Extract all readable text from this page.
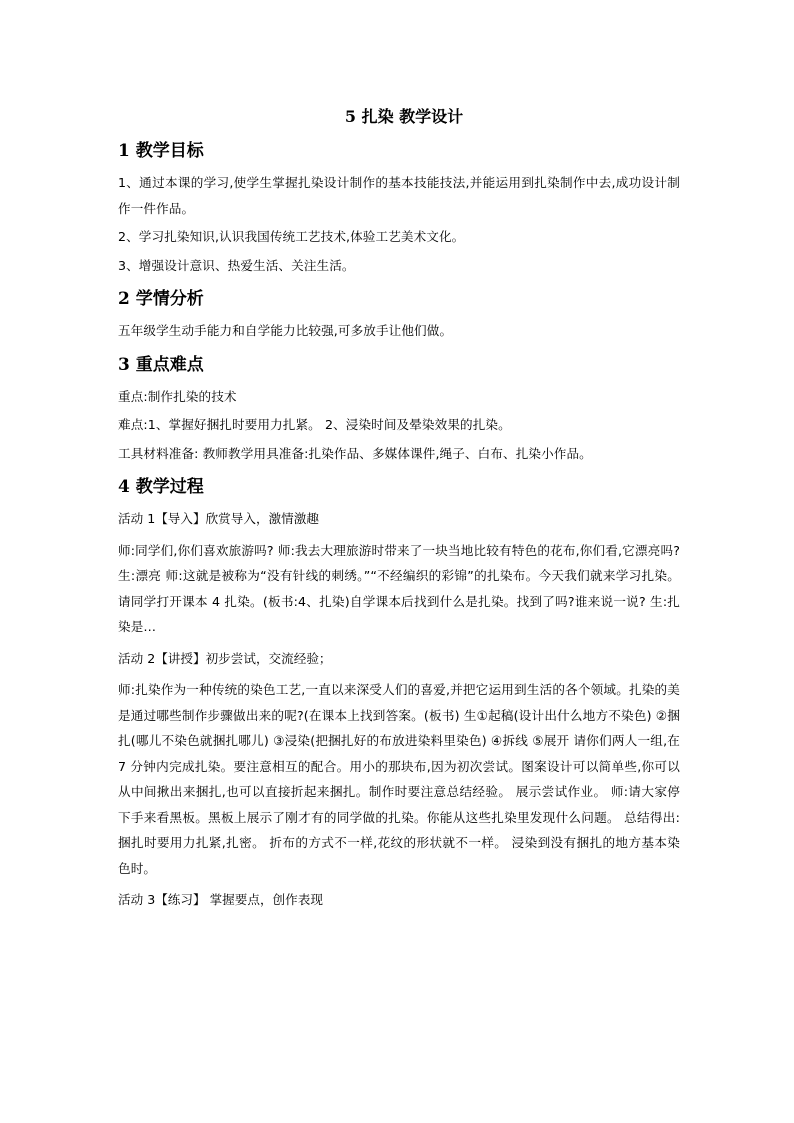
5 扎染 教学设计
1 教学目标

1、通过本课的学习,使学生掌握扎染设计制作的基本技能技法,并能运用到扎染制作中去,成功设计制作一件作品。

2、学习扎染知识,认识我国传统工艺技术,体验工艺美术文化。

3、增强设计意识、热爱生活、关注生活。

2 学情分析

五年级学生动手能力和自学能力比较强,可多放手让他们做。

3 重点难点

重点:制作扎染的技术

难点:1、掌握好捆扎时要用力扎紧。 2、浸染时间及晕染效果的扎染。

工具材料准备: 教师教学用具准备:扎染作品、多媒体课件,绳子、白布、扎染小作品。

4 教学过程

活动 1【导入】欣赏导入，激情激趣

师:同学们,你们喜欢旅游吗? 师:我去大理旅游时带来了一块当地比较有特色的花布,你们看,它漂亮吗? 生:漂亮 师:这就是被称为“没有针线的刺绣。”“不经编织的彩锦”的扎染布。今天我们就来学习扎染。请同学打开课本 4 扎染。(板书:4、扎染)自学课本后找到什么是扎染。找到了吗?谁来说一说? 生:扎染是…

活动 2【讲授】初步尝试，交流经验；

师:扎染作为一种传统的染色工艺,一直以来深受人们的喜爱,并把它运用到生活的各个领域。扎染的美是通过哪些制作步骤做出来的呢?(在课本上找到答案。(板书) 生①起稿(设计出什么地方不染色) ②捆扎(哪儿不染色就捆扎哪儿) ③浸染(把捆扎好的布放进染料里染色) ④拆线 ⑤展开 请你们两人一组,在 7 分钟内完成扎染。要注意相互的配合。用小的那块布,因为初次尝试。图案设计可以简单些,你可以从中间揪出来捆扎,也可以直接折起来捆扎。制作时要注意总结经验。 展示尝试作业。 师:请大家停下手来看黑板。黑板上展示了刚才有的同学做的扎染。你能从这些扎染里发现什么问题。 总结得出:捆扎时要用力扎紧,扎密。 折布的方式不一样,花纹的形状就不一样。 浸染到没有捆扎的地方基本染色时。

活动 3【练习】 掌握要点，创作表现
